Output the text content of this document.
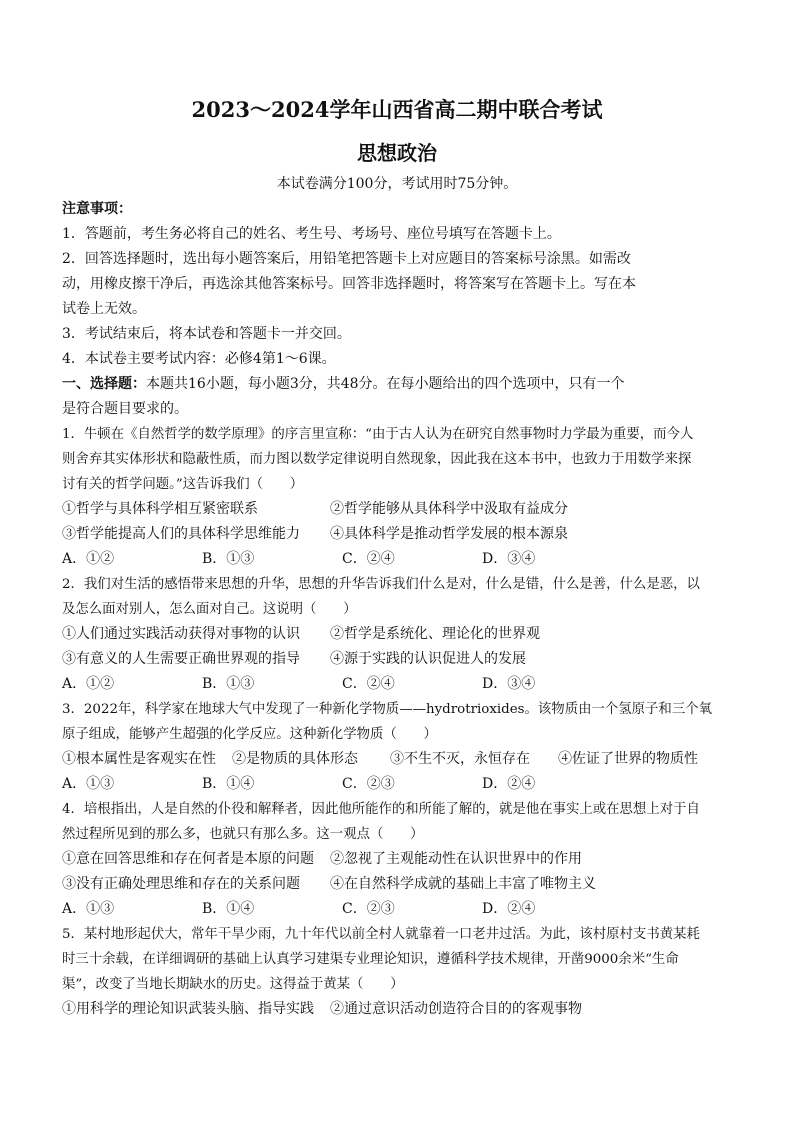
2023～2024学年山西省高二期中联合考试
思想政治
本试卷满分100分，考试用时75分钟。
注意事项：
1．答题前，考生务必将自己的姓名、考生号、考场号、座位号填写在答题卡上。
2．回答选择题时，选出每小题答案后，用铅笔把答题卡上对应题目的答案标号涂黑。如需改
动，用橡皮擦干净后，再选涂其他答案标号。回答非选择题时，将答案写在答题卡上。写在本
试卷上无效。
3．考试结束后，将本试卷和答题卡一并交回。
4．本试卷主要考试内容：必修4第1～6课。
一、选择题：本题共16小题，每小题3分，共48分。在每小题给出的四个选项中，只有一个
是符合题目要求的。
1．牛顿在《自然哲学的数学原理》的序言里宣称：“由于古人认为在研究自然事物时力学最为重要，而今人
则舍弃其实体形状和隐蔽性质，而力图以数学定律说明自然现象，因此我在这本书中，也致力于用数学来探
讨有关的哲学问题。”这告诉我们（　　）
①哲学与具体科学相互紧密联系	②哲学能够从具体科学中汲取有益成分
③哲学能提高人们的具体科学思维能力	④具体科学是推动哲学发展的根本源泉
A．①②	B．①③	C．②④	D．③④
2．我们对生活的感悟带来思想的升华，思想的升华告诉我们什么是对，什么是错，什么是善，什么是恶，以
及怎么面对别人，怎么面对自己。这说明（　　）
①人们通过实践活动获得对事物的认识	②哲学是系统化、理论化的世界观
③有意义的人生需要正确世界观的指导	④源于实践的认识促进人的发展
A．①②	B．①③	C．②④	D．③④
3．2022年，科学家在地球大气中发现了一种新化学物质——hydrotrioxides。该物质由一个氢原子和三个氧
原子组成，能够产生超强的化学反应。这种新化学物质（　　）
①根本属性是客观实在性	②是物质的具体形态	③不生不灭，永恒存在	④佐证了世界的物质性
A．①③	B．①④	C．②③	D．②④
4．培根指出，人是自然的仆役和解释者，因此他所能作的和所能了解的，就是他在事实上或在思想上对于自
然过程所见到的那么多，也就只有那么多。这一观点（　　）
①意在回答思维和存在何者是本原的问题	②忽视了主观能动性在认识世界中的作用
③没有正确处理思维和存在的关系问题	④在自然科学成就的基础上丰富了唯物主义
A．①③	B．①④	C．②③	D．②④
5．某村地形起伏大，常年干旱少雨，九十年代以前全村人就靠着一口老井过活。为此，该村原村支书黄某耗
时三十余载，在详细调研的基础上认真学习建渠专业理论知识，遵循科学技术规律，开凿9000余米“生命
渠”，改变了当地长期缺水的历史。这得益于黄某（　　）
①用科学的理论知识武装头脑、指导实践	②通过意识活动创造符合目的的客观事物
